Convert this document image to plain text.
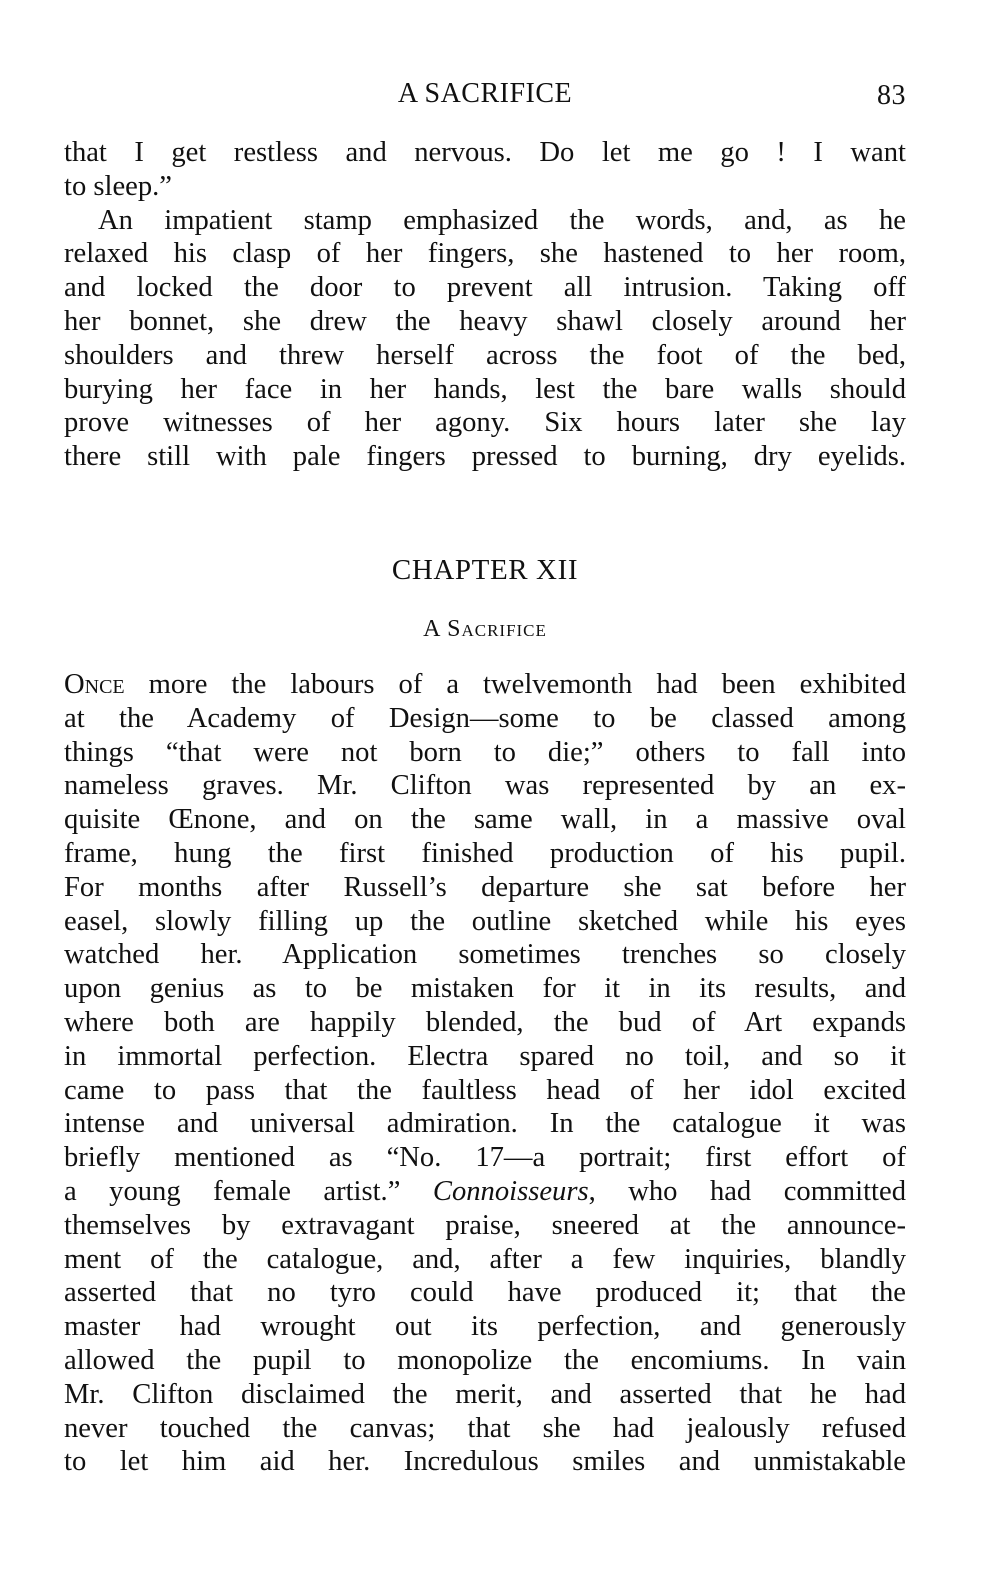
A SACRIFICE	83
that I get restless and nervous. Do let me go ! I want
to sleep.”
An impatient stamp emphasized the words, and, as he
relaxed his clasp of her fingers, she hastened to her room,
and locked the door to prevent all intrusion. Taking off
her bonnet, she drew the heavy shawl closely around her
shoulders and threw herself across the foot of the bed,
burying her face in her hands, lest the bare walls should
prove witnesses of her agony. Six hours later she lay
there still with pale fingers pressed to burning, dry eyelids.
CHAPTER XII
A Sacrifice
Once more the labours of a twelvemonth had been exhibited
at the Academy of Design—some to be classed among
things “that were not born to die;” others to fall into
nameless graves. Mr. Clifton was represented by an ex-
quisite Œnone, and on the same wall, in a massive oval
frame, hung the first finished production of his pupil.
For months after Russell’s departure she sat before her
easel, slowly filling up the outline sketched while his eyes
watched her. Application sometimes trenches so closely
upon genius as to be mistaken for it in its results, and
where both are happily blended, the bud of Art expands
in immortal perfection. Electra spared no toil, and so it
came to pass that the faultless head of her idol excited
intense and universal admiration. In the catalogue it was
briefly mentioned as “No. 17—a portrait; first effort of
a young female artist.” Connoisseurs, who had committed
themselves by extravagant praise, sneered at the announce-
ment of the catalogue, and, after a few inquiries, blandly
asserted that no tyro could have produced it; that the
master had wrought out its perfection, and generously
allowed the pupil to monopolize the encomiums. In vain
Mr. Clifton disclaimed the merit, and asserted that he had
never touched the canvas; that she had jealously refused
to let him aid her. Incredulous smiles and unmistakable
